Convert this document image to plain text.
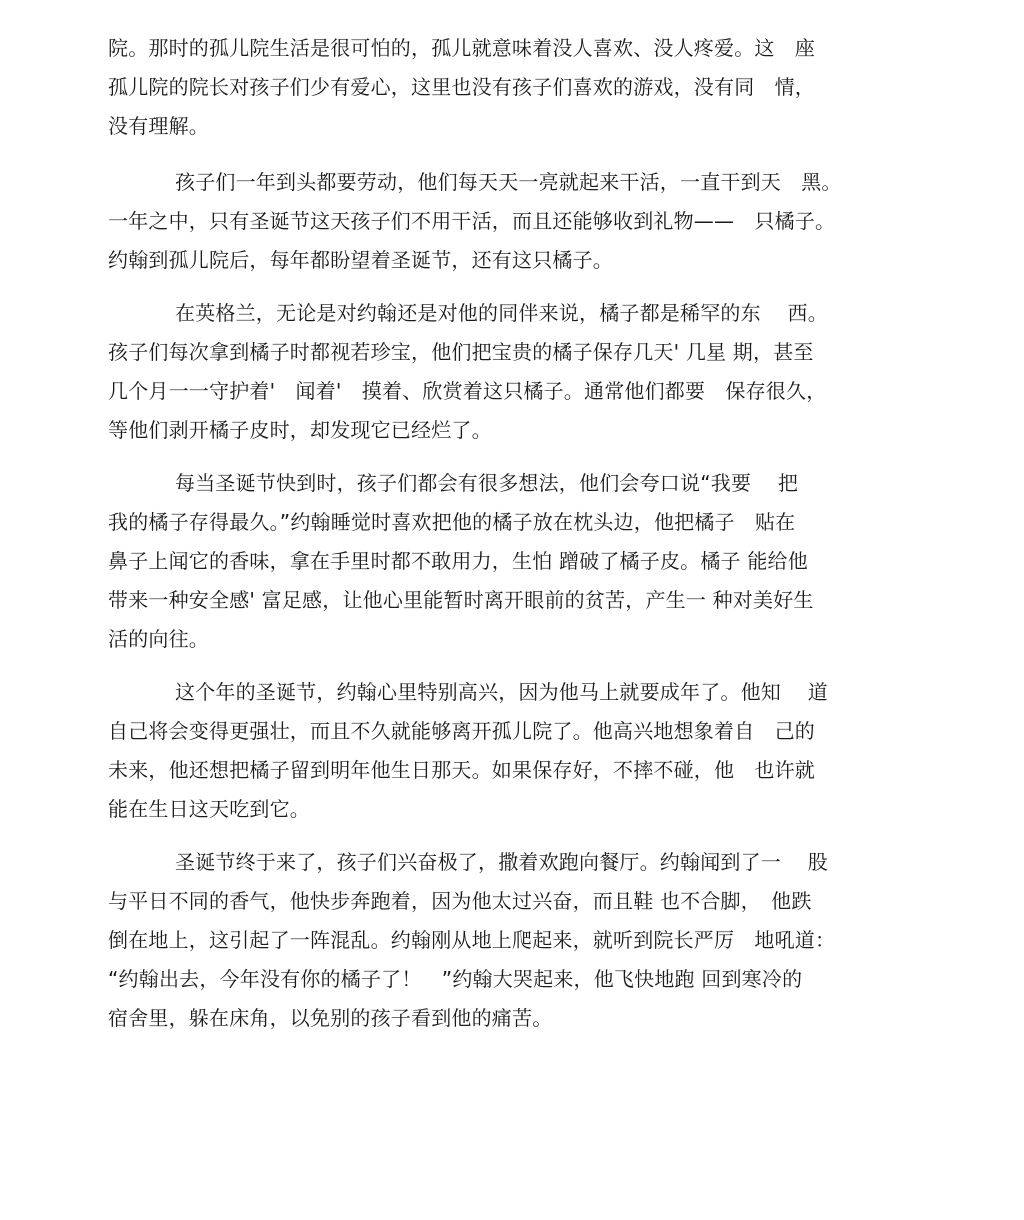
院。那时的孤儿院生活是很可怕的，孤儿就意味着没人喜欢、没人疼爱。这　座
孤儿院的院长对孩子们少有爱心，这里也没有孩子们喜欢的游戏，没有同　情，
没有理解。
孩子们一年到头都要劳动，他们每天天一亮就起来干活，一直干到天　黑。
一年之中，只有圣诞节这天孩子们不用干活，而且还能够收到礼物——　只橘子。
约翰到孤儿院后，每年都盼望着圣诞节，还有这只橘子。
在英格兰，无论是对约翰还是对他的同伴来说，橘子都是稀罕的东　 西。
孩子们每次拿到橘子时都视若珍宝，他们把宝贵的橘子保存几天' 几星 期，甚至
几个月一一守护着'　闻着'　摸着、欣赏着这只橘子。通常他们都要　保存很久，
等他们剥开橘子皮时，却发现它已经烂了。
每当圣诞节快到时，孩子们都会有很多想法，他们会夸口说“我要　 把
我的橘子存得最久。”约翰睡觉时喜欢把他的橘子放在枕头边，他把橘子　贴在
鼻子上闻它的香味，拿在手里时都不敢用力，生怕 蹭破了橘子皮。橘子 能给他
带来一种安全感' 富足感，让他心里能暂时离开眼前的贫苦，产生一 种对美好生
活的向往。
这个年的圣诞节，约翰心里特别高兴，因为他马上就要成年了。他知　 道
自己将会变得更强壮，而且不久就能够离开孤儿院了。他高兴地想象着自　己的
未来，他还想把橘子留到明年他生日那天。如果保存好，不摔不碰，他　也许就
能在生日这天吃到它。
圣诞节终于来了，孩子们兴奋极了，撒着欢跑向餐厅。约翰闻到了一　 股
与平日不同的香气，他快步奔跑着，因为他太过兴奋，而且鞋 也不合脚，　他跌
倒在地上，这引起了一阵混乱。约翰刚从地上爬起来，就听到院长严厉　地吼道：
“约翰出去，今年没有你的橘子了！　”约翰大哭起来，他飞快地跑 回到寒冷的
宿舍里，躲在床角，以免别的孩子看到他的痛苦。
